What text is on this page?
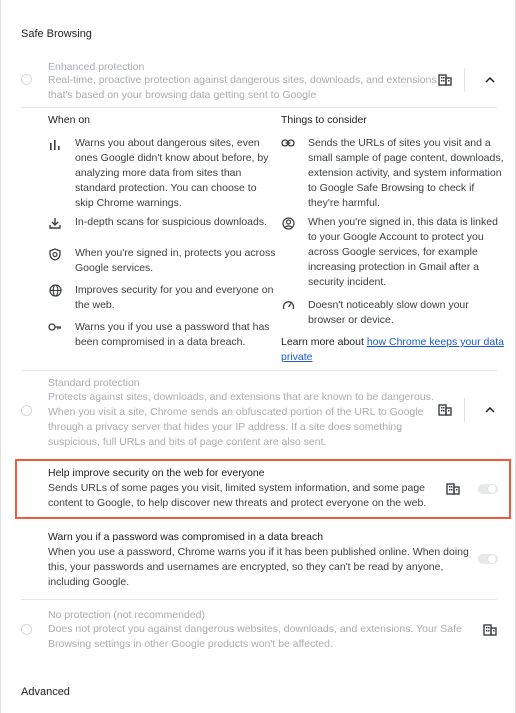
Safe Browsing
Enhanced protection
Real-time, proactive protection against dangerous sites, downloads, and extensions
that's based on your browsing data getting sent to Google
When on	Things to consider
Warns you about dangerous sites, even
ones Google didn't know about before, by
analyzing more data from sites than
standard protection. You can choose to
skip Chrome warnings.
In-depth scans for suspicious downloads.
When you're signed in, protects you across
Google services.
Improves security for you and everyone on
the web.
Warns you if you use a password that has
been compromised in a data breach.
Sends the URLs of sites you visit and a
small sample of page content, downloads,
extension activity, and system information
to Google Safe Browsing to check if
they're harmful.
When you're signed in, this data is linked
to your Google Account to protect you
across Google services, for example
increasing protection in Gmail after a
security incident.
Doesn't noticeably slow down your
browser or device.
Learn more about how Chrome keeps your data
private
Standard protection
Protects against sites, downloads, and extensions that are known to be dangerous.
When you visit a site, Chrome sends an obfuscated portion of the URL to Google
through a privacy server that hides your IP address. If a site does something
suspicious, full URLs and bits of page content are also sent.
Help improve security on the web for everyone
Sends URLs of some pages you visit, limited system information, and some page
content to Google, to help discover new threats and protect everyone on the web.
Warn you if a password was compromised in a data breach
When you use a password, Chrome warns you if it has been published online. When doing
this, your passwords and usernames are encrypted, so they can't be read by anyone,
including Google.
No protection (not recommended)
Does not protect you against dangerous websites, downloads, and extensions. Your Safe
Browsing settings in other Google products won't be affected.
Advanced
